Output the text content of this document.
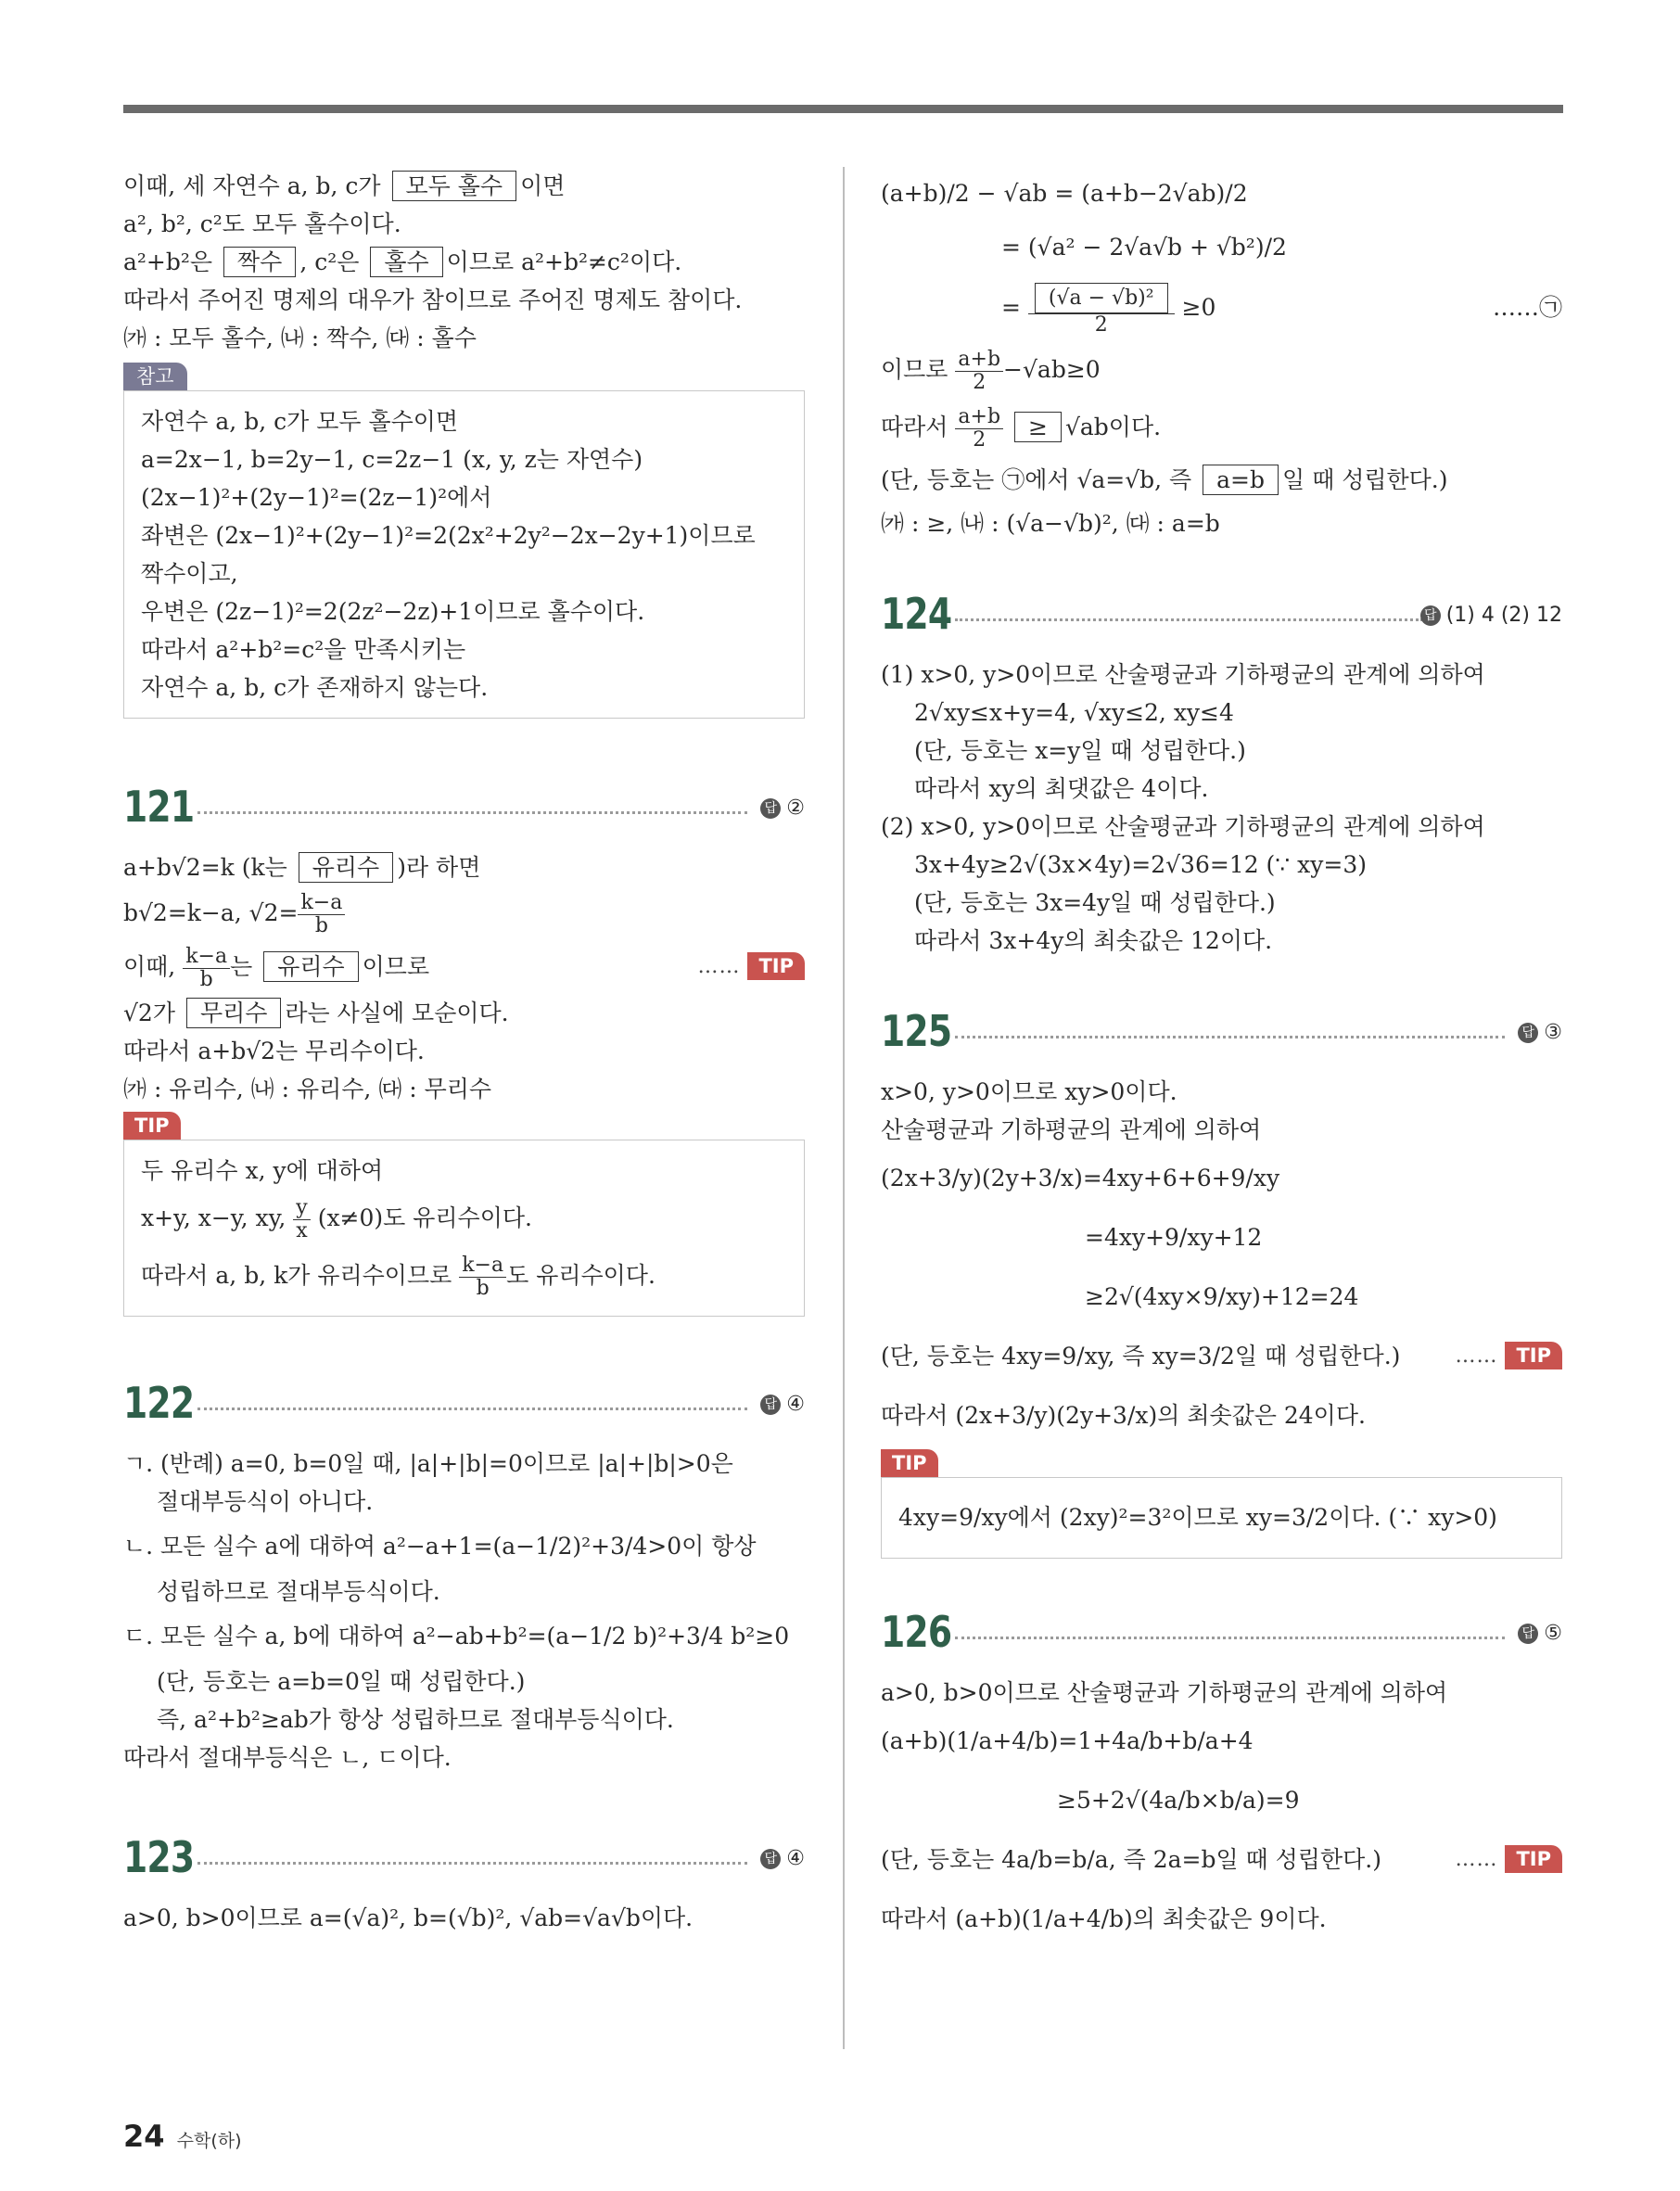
이때, 세 자연수 a, b, c가 모두 홀수 이면
a², b², c²도 모두 홀수이다.
a²+b²은 짝수 , c²은 홀수 이므로 a²+b²≠c²이다.
따라서 주어진 명제의 대우가 참이므로 주어진 명제도 참이다.
㈎ : 모두 홀수, ㈏ : 짝수, ㈐ : 홀수
참고
자연수 a, b, c가 모두 홀수이면
a=2x−1, b=2y−1, c=2z−1 (x, y, z는 자연수)
(2x−1)²+(2y−1)²=(2z−1)²에서
좌변은 (2x−1)²+(2y−1)²=2(2x²+2y²−2x−2y+1)이므로
짝수이고,
우변은 (2z−1)²=2(2z²−2z)+1이므로 홀수이다.
따라서 a²+b²=c²을 만족시키는
자연수 a, b, c가 존재하지 않는다.
121	답 ②
a+b√2=k (k는 유리수 )라 하면
b√2=k−a, $√2= \frac{k-a}{b}$
이때, $\frac{k-a}{b}$ 는 유리수 이므로	…… TIP
√2가 무리수 라는 사실에 모순이다.
따라서 a+b√2는 무리수이다.
㈎ : 유리수, ㈏ : 유리수, ㈐ : 무리수
TIP
두 유리수 x, y에 대하여
x+y, x−y, xy, $\frac{y}{x} (x\ne 0)$도 유리수이다.
따라서 a, b, k가 유리수이므로 $\frac{k-a}{b}$ 도 유리수이다.
122	답 ④
ㄱ. (반례) a=0, b=0일 때, |a|+|b|=0이므로 |a|+|b|>0은
절대부등식이 아니다.
ㄴ. 모든 실수 a에 대하여 a²−a+1=(a−1/2)²+3/4>0이 항상
성립하므로 절대부등식이다.
ㄷ. 모든 실수 a, b에 대하여 a²−ab+b²=(a−1/2 b)²+3/4 b²≥0
(단, 등호는 a=b=0일 때 성립한다.)
즉, a²+b²≥ab가 항상 성립하므로 절대부등식이다.
따라서 절대부등식은 ㄴ, ㄷ이다.
123	답 ④
a>0, b>0이므로 a=(√a)², b=(√b)², √ab=√a√b이다.
(a+b)/2 − √ab = (a+b−2√ab)/2
= (√a² − 2√a√b + √b²)/2
= $\frac{\text{(√a − √b)²}}{2} \ge 0$	……㉠
이므로 $\frac{a+b}{2} -√ab\ge 0$
따라서 $\frac{a+b}{2} \ge √ab$이다.
(단, 등호는 ㉠에서 √a=√b, 즉 a=b 일 때 성립한다.)
㈎ : ≥, ㈏ : (√a−√b)², ㈐ : a=b
124	답 (1) 4 (2) 12
(1) x>0, y>0이므로 산술평균과 기하평균의 관계에 의하여
2√xy≤x+y=4, √xy≤2, xy≤4
(단, 등호는 x=y일 때 성립한다.)
따라서 xy의 최댓값은 4이다.
(2) x>0, y>0이므로 산술평균과 기하평균의 관계에 의하여
3x+4y≥2√(3x×4y)=2√36=12 (∵ xy=3)
(단, 등호는 3x=4y일 때 성립한다.)
따라서 3x+4y의 최솟값은 12이다.
125	답 ③
x>0, y>0이므로 xy>0이다.
산술평균과 기하평균의 관계에 의하여
(2x+3/y)(2y+3/x)=4xy+6+6+9/xy
=4xy+9/xy+12
≥2√(4xy×9/xy)+12=24
(단, 등호는 4xy=9/xy, 즉 xy=3/2일 때 성립한다.)	…… TIP
따라서 (2x+3/y)(2y+3/x)의 최솟값은 24이다.
TIP
4xy=9/xy에서 (2xy)²=3²이므로 xy=3/2이다. (∵ xy>0)
126	답 ⑤
a>0, b>0이므로 산술평균과 기하평균의 관계에 의하여
(a+b)(1/a+4/b)=1+4a/b+b/a+4
≥5+2√(4a/b×b/a)=9
(단, 등호는 4a/b=b/a, 즉 2a=b일 때 성립한다.)	…… TIP
따라서 (a+b)(1/a+4/b)의 최솟값은 9이다.
24 수학(하)
